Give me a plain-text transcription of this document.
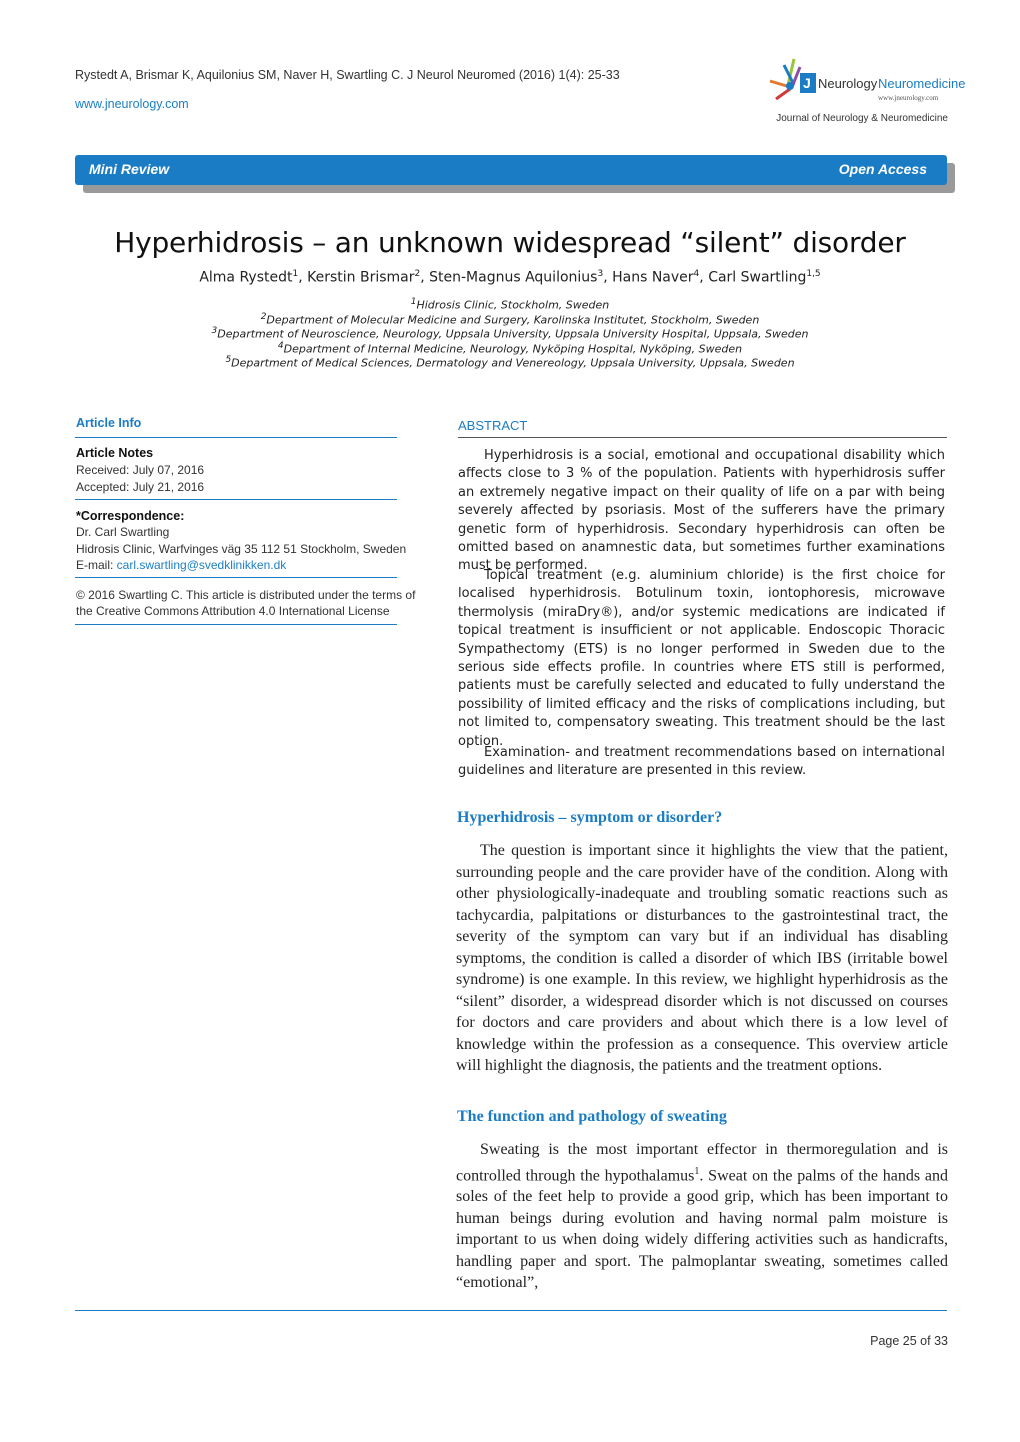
Rystedt A, Brismar K, Aquilonius SM, Naver H, Swartling C. J Neurol Neuromed (2016) 1(4): 25-33
www.jneurology.com
J Neurology Neuromedicine
www.jneurology.com
Journal of Neurology & Neuromedicine
Mini Review	Open Access
Hyperhidrosis – an unknown widespread “silent” disorder
Alma Rystedt$^1$, Kerstin Brismar$^2$, Sten-Magnus Aquilonius$^3$, Hans Naver$^4$, Carl Swartling$^{1,5}$
$^1$Hidrosis Clinic, Stockholm, Sweden
$^2$Department of Molecular Medicine and Surgery, Karolinska Institutet, Stockholm, Sweden
$^3$Department of Neuroscience, Neurology, Uppsala University, Uppsala University Hospital, Uppsala, Sweden
$^4$Department of Internal Medicine, Neurology, Nyköping Hospital, Nyköping, Sweden
$^5$Department of Medical Sciences, Dermatology and Venereology, Uppsala University, Uppsala, Sweden
Article Info
Article Notes
Received: July 07, 2016
Accepted: July 21, 2016
*Correspondence:
Dr. Carl Swartling
Hidrosis Clinic, Warfvinges väg 35 112 51 Stockholm, Sweden
E-mail: carl.swartling@svedklinikken.dk
© 2016 Swartling C. This article is distributed under the terms of
the Creative Commons Attribution 4.0 International License
ABSTRACT
Hyperhidrosis is a social, emotional and occupational disability which affects close to 3 % of the population. Patients with hyperhidrosis suffer an extremely negative impact on their quality of life on a par with being severely affected by psoriasis. Most of the sufferers have the primary genetic form of hyperhidrosis. Secondary hyperhidrosis can often be omitted based on anamnestic data, but sometimes further examinations must be performed.
Topical treatment (e.g. aluminium chloride) is the first choice for localised hyperhidrosis. Botulinum toxin, iontophoresis, microwave thermolysis (miraDry®), and/or systemic medications are indicated if topical treatment is insufficient or not applicable. Endoscopic Thoracic Sympathectomy (ETS) is no longer performed in Sweden due to the serious side effects profile. In countries where ETS still is performed, patients must be carefully selected and educated to fully understand the possibility of limited efficacy and the risks of complications including, but not limited to, compensatory sweating. This treatment should be the last option.
Examination- and treatment recommendations based on international guidelines and literature are presented in this review.
Hyperhidrosis – symptom or disorder?
The question is important since it highlights the view that the patient, surrounding people and the care provider have of the condition. Along with other physiologically-inadequate and troubling somatic reactions such as tachycardia, palpitations or disturbances to the gastrointestinal tract, the severity of the symptom can vary but if an individual has disabling symptoms, the condition is called a disorder of which IBS (irritable bowel syndrome) is one example. In this review, we highlight hyperhidrosis as the “silent” disorder, a widespread disorder which is not discussed on courses for doctors and care providers and about which there is a low level of knowledge within the profession as a consequence. This overview article will highlight the diagnosis, the patients and the treatment options.
The function and pathology of sweating
Sweating is the most important effector in thermoregulation and is controlled through the hypothalamus$^1$. Sweat on the palms of the hands and soles of the feet help to provide a good grip, which has been important to human beings during evolution and having normal palm moisture is important to us when doing widely differing activities such as handicrafts, handling paper and sport. The palmoplantar sweating, sometimes called “emotional”,
Page 25 of 33
